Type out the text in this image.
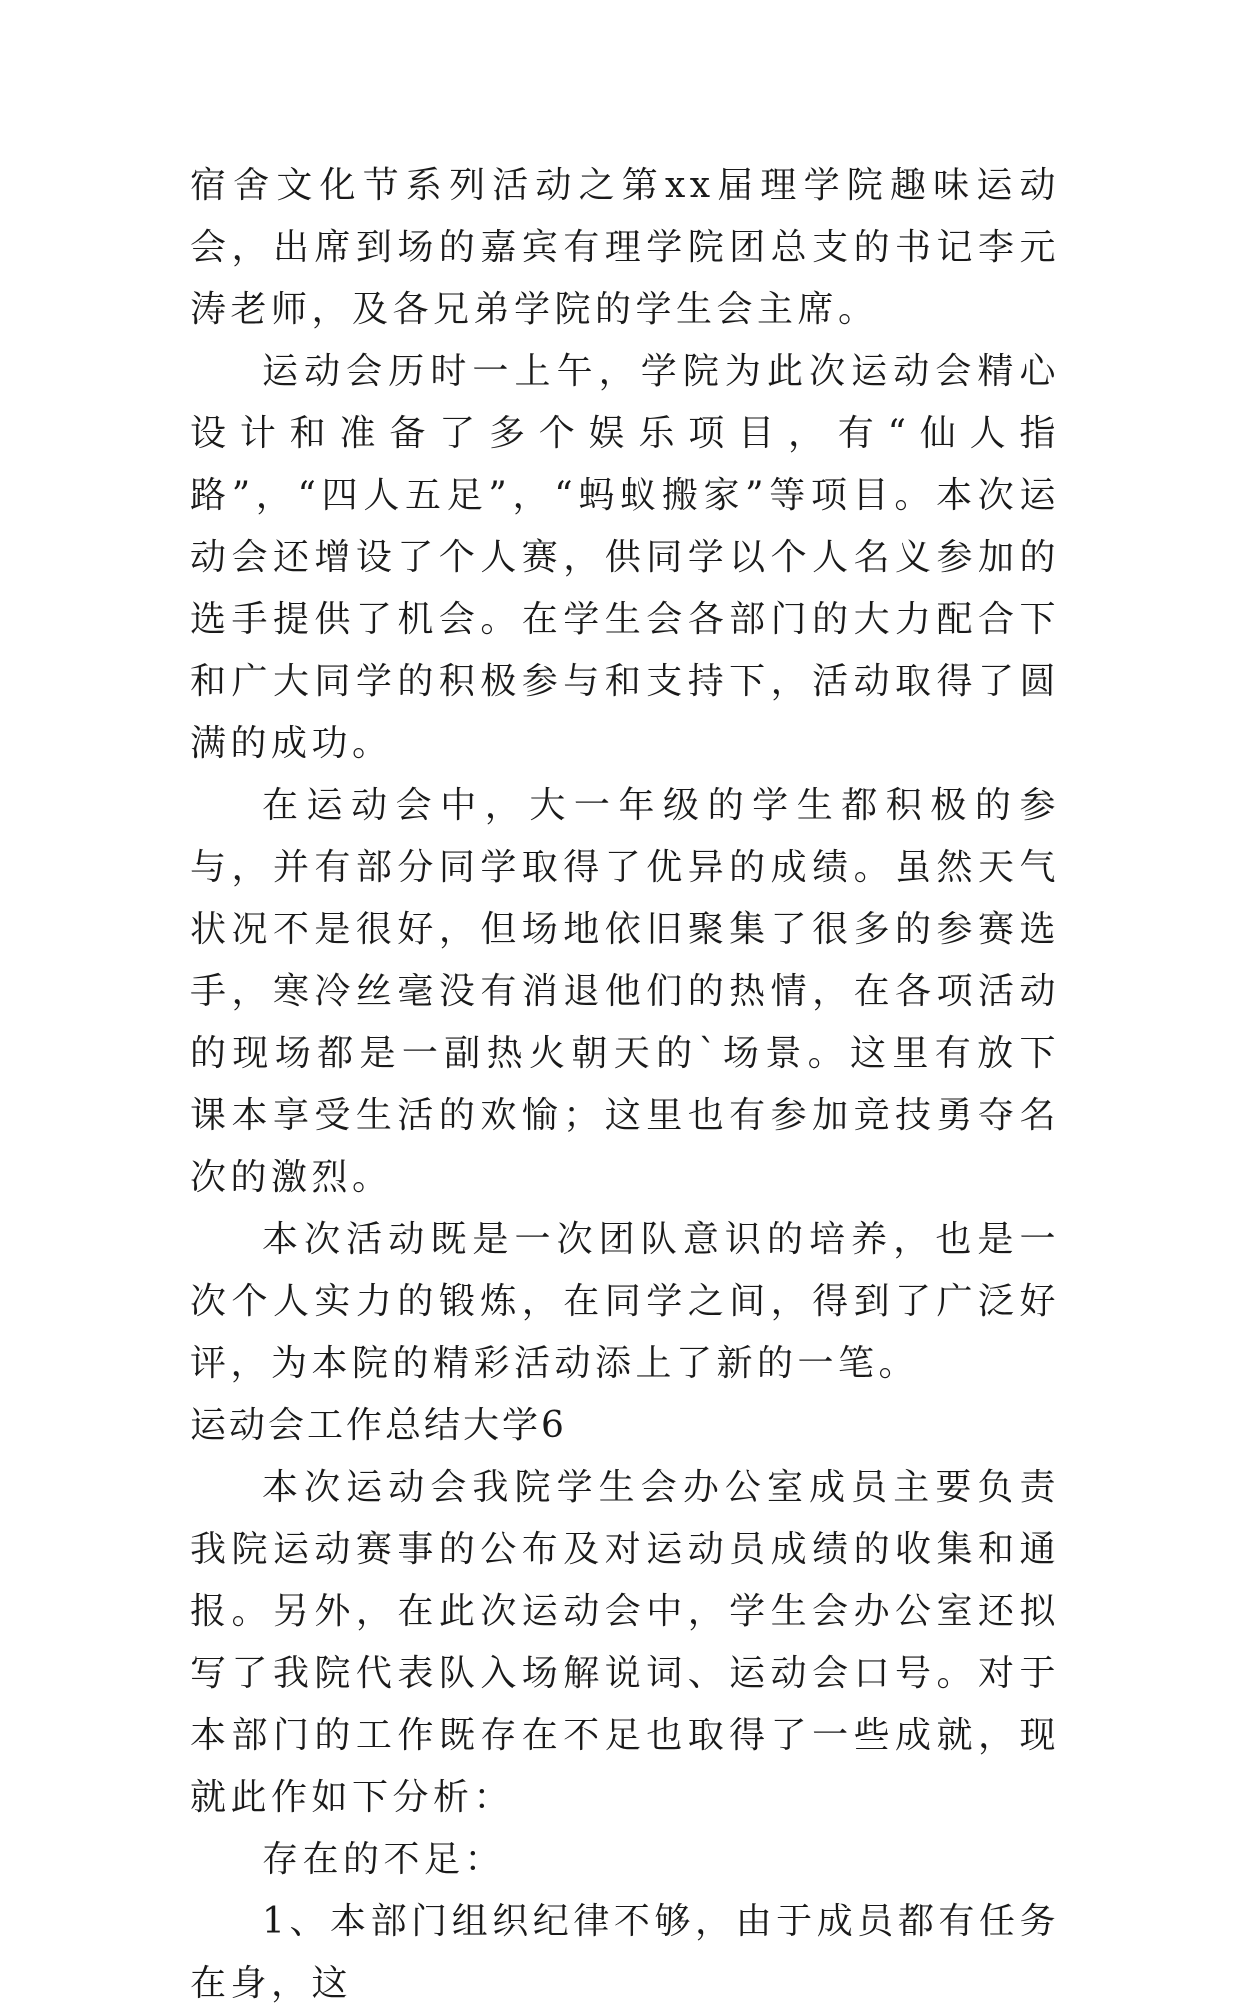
宿舍文化节系列活动之第xx届理学院趣味运动会，出席到场的嘉宾有理学院团总支的书记李元涛老师，及各兄弟学院的学生会主席。

运动会历时一上午，学院为此次运动会精心设计和准备了多个娱乐项目，有“仙人指路”，“四人五足”，“蚂蚁搬家”等项目。本次运动会还增设了个人赛，供同学以个人名义参加的选手提供了机会。在学生会各部门的大力配合下和广大同学的积极参与和支持下，活动取得了圆满的成功。

在运动会中，大一年级的学生都积极的参与，并有部分同学取得了优异的成绩。虽然天气状况不是很好，但场地依旧聚集了很多的参赛选手，寒冷丝毫没有消退他们的热情，在各项活动的现场都是一副热火朝天的`场景。这里有放下课本享受生活的欢愉；这里也有参加竞技勇夺名次的激烈。

本次活动既是一次团队意识的培养，也是一次个人实力的锻炼，在同学之间，得到了广泛好评，为本院的精彩活动添上了新的一笔。

运动会工作总结大学6

本次运动会我院学生会办公室成员主要负责我院运动赛事的公布及对运动员成绩的收集和通报。另外，在此次运动会中，学生会办公室还拟写了我院代表队入场解说词、运动会口号。对于本部门的工作既存在不足也取得了一些成就，现就此作如下分析：

存在的不足：

1、本部门组织纪律不够，由于成员都有任务在身，这
